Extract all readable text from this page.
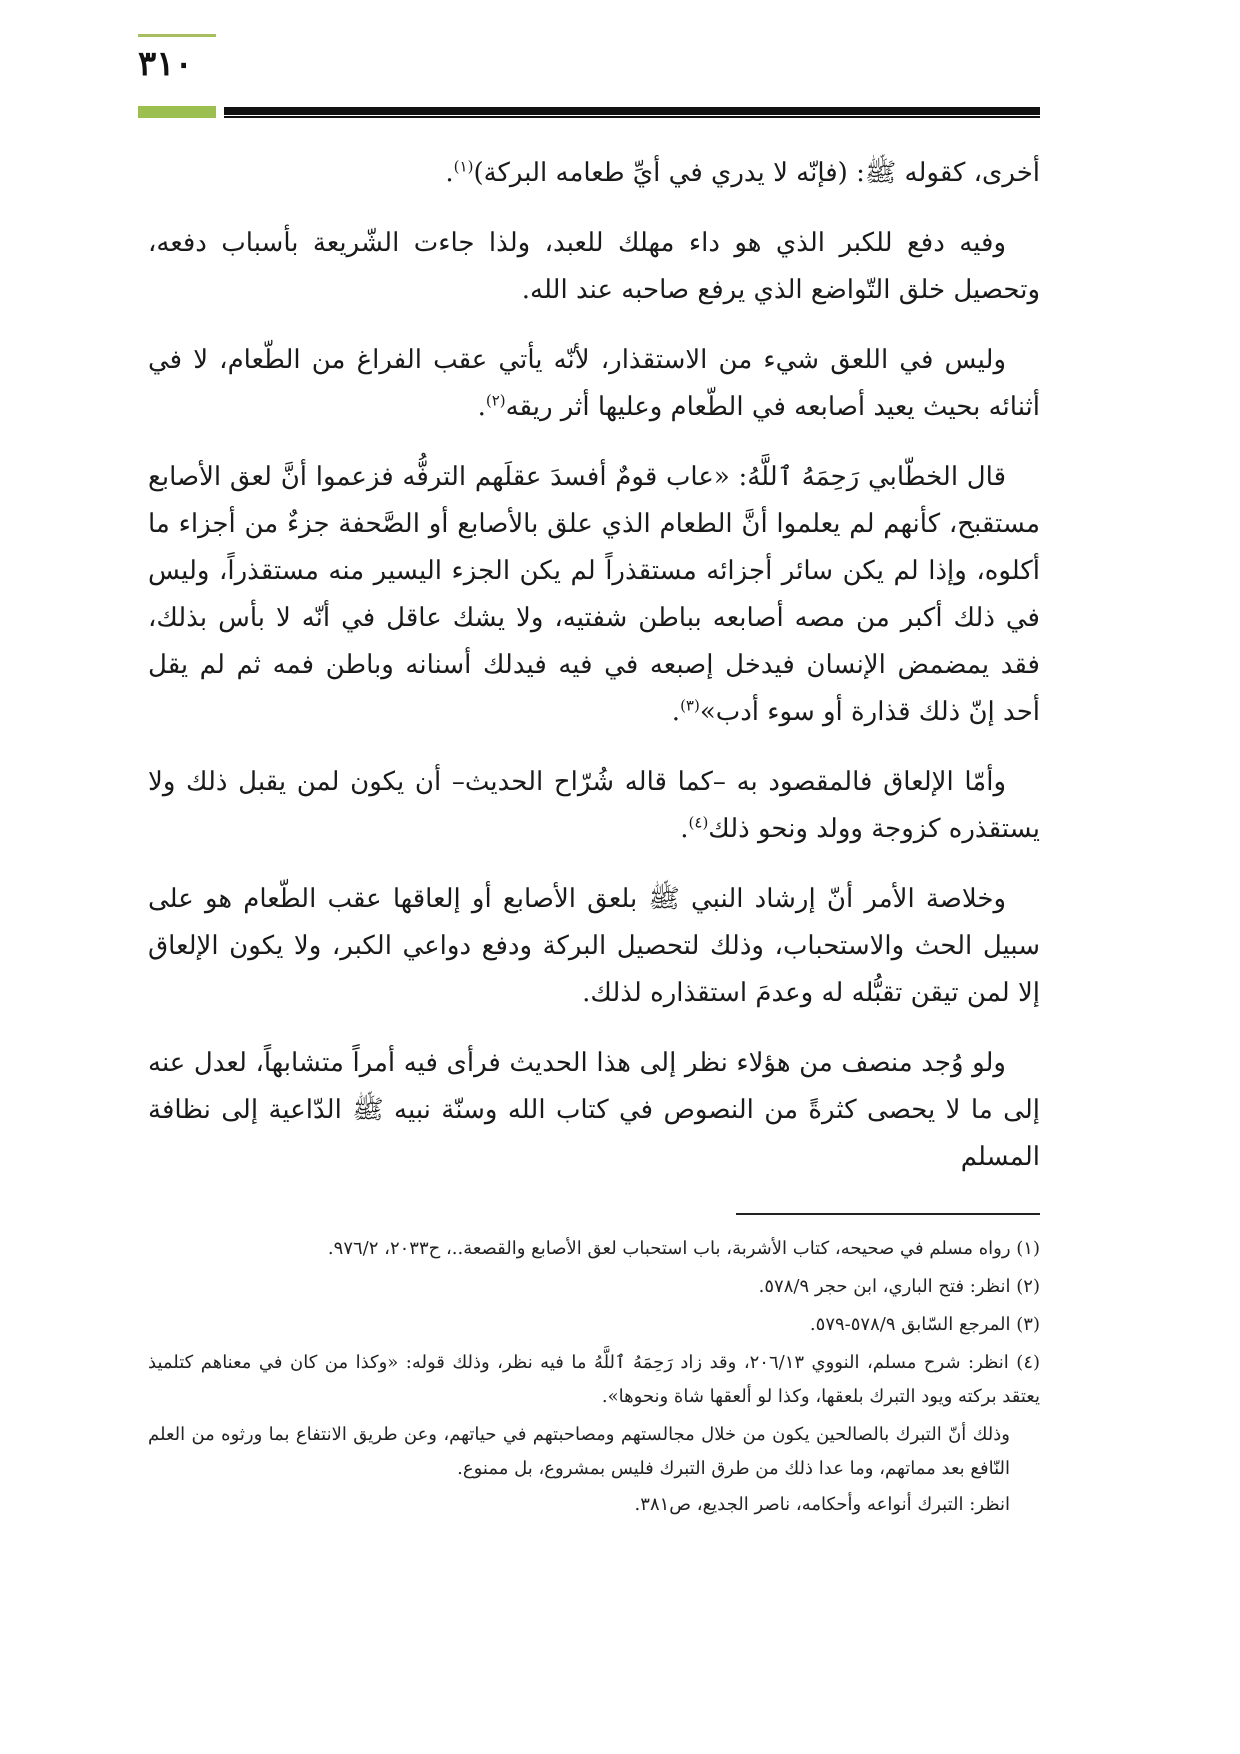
٣١٠

أخرى، كقوله ﷺ: (فإنّه لا يدري في أيِّ طعامه البركة)$^{(١)}$.

وفيه دفع للكبر الذي هو داء مهلك للعبد، ولذا جاءت الشّريعة بأسباب دفعه، وتحصيل خلق التّواضع الذي يرفع صاحبه عند الله.

وليس في اللعق شيء من الاستقذار، لأنّه يأتي عقب الفراغ من الطّعام، لا في أثنائه بحيث يعيد أصابعه في الطّعام وعليها أثر ريقه$^{(٢)}$.

قال الخطّابي رَحِمَهُ ٱللَّهُ: «عاب قومٌ أفسدَ عقلَهم الترفُّه فزعموا أنَّ لعق الأصابع مستقبح، كأنهم لم يعلموا أنَّ الطعام الذي علق بالأصابع أو الصَّحفة جزءٌ من أجزاء ما أكلوه، وإذا لم يكن سائر أجزائه مستقذراً لم يكن الجزء اليسير منه مستقذراً، وليس في ذلك أكبر من مصه أصابعه بباطن شفتيه، ولا يشك عاقل في أنّه لا بأس بذلك، فقد يمضمض الإنسان فيدخل إصبعه في فيه فيدلك أسنانه وباطن فمه ثم لم يقل أحد إنّ ذلك قذارة أو سوء أدب»$^{(٣)}$.

وأمّا الإلعاق فالمقصود به –كما قاله شُرّاح الحديث– أن يكون لمن يقبل ذلك ولا يستقذره كزوجة وولد ونحو ذلك$^{(٤)}$.

وخلاصة الأمر أنّ إرشاد النبي ﷺ بلعق الأصابع أو إلعاقها عقب الطّعام هو على سبيل الحث والاستحباب، وذلك لتحصيل البركة ودفع دواعي الكبر، ولا يكون الإلعاق إلا لمن تيقن تقبُّله له وعدمَ استقذاره لذلك.

ولو وُجد منصف من هؤلاء نظر إلى هذا الحديث فرأى فيه أمراً متشابهاً، لعدل عنه إلى ما لا يحصى كثرةً من النصوص في كتاب الله وسنّة نبيه ﷺ الدّاعية إلى نظافة المسلم

(١) رواه مسلم في صحيحه، كتاب الأشربة، باب استحباب لعق الأصابع والقصعة..، ح٢٠٣٣، ٩٧٦/٢.
(٢) انظر: فتح الباري، ابن حجر ٥٧٨/٩.
(٣) المرجع السّابق ٥٧٨/٩-٥٧٩.
(٤) انظر: شرح مسلم، النووي ٢٠٦/١٣، وقد زاد رَحِمَهُ ٱللَّهُ ما فيه نظر، وذلك قوله: «وكذا من كان في معناهم كتلميذ يعتقد بركته ويود التبرك بلعقها، وكذا لو ألعقها شاة ونحوها».
وذلك أنّ التبرك بالصالحين يكون من خلال مجالستهم ومصاحبتهم في حياتهم، وعن طريق الانتفاع بما ورثوه من العلم النّافع بعد مماتهم، وما عدا ذلك من طرق التبرك فليس بمشروع، بل ممنوع.
انظر: التبرك أنواعه وأحكامه، ناصر الجديع، ص٣٨١.
